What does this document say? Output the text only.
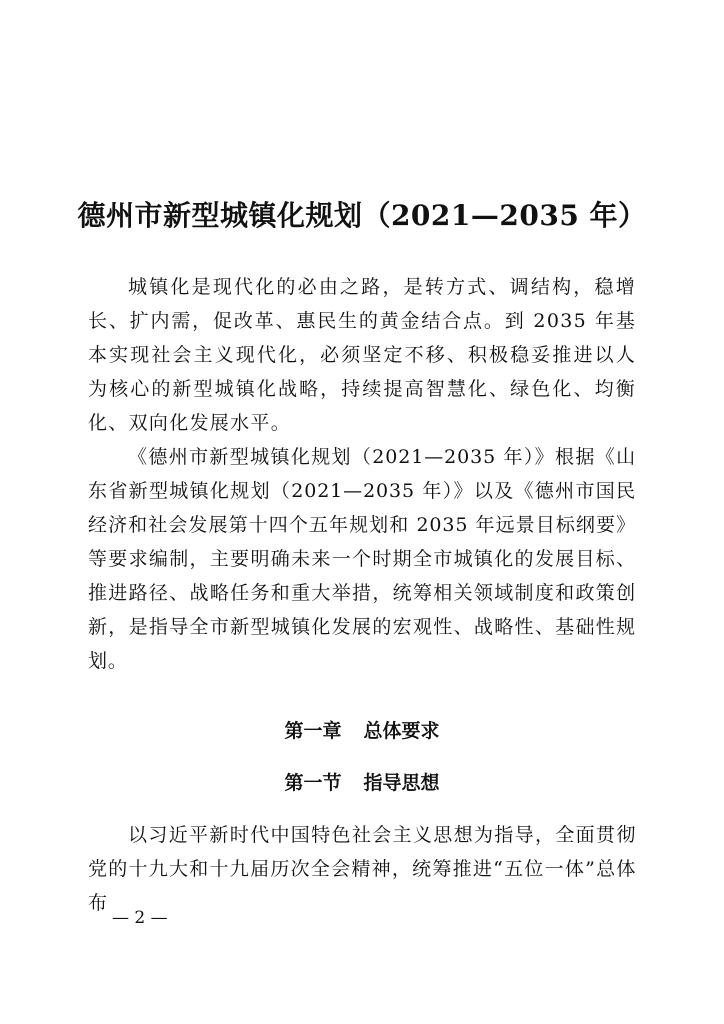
德州市新型城镇化规划（2021—2035 年）

城镇化是现代化的必由之路，是转方式、调结构，稳增长、扩内需，促改革、惠民生的黄金结合点。到 2035 年基本实现社会主义现代化，必须坚定不移、积极稳妥推进以人为核心的新型城镇化战略，持续提高智慧化、绿色化、均衡化、双向化发展水平。

《德州市新型城镇化规划（2021—2035 年）》根据《山东省新型城镇化规划（2021—2035 年）》以及《德州市国民经济和社会发展第十四个五年规划和 2035 年远景目标纲要》等要求编制，主要明确未来一个时期全市城镇化的发展目标、推进路径、战略任务和重大举措，统筹相关领域制度和政策创新，是指导全市新型城镇化发展的宏观性、战略性、基础性规划。

第一章 总体要求
第一节 指导思想

以习近平新时代中国特色社会主义思想为指导，全面贯彻党的十九大和十九届历次全会精神，统筹推进“五位一体”总体布

— 2 —
